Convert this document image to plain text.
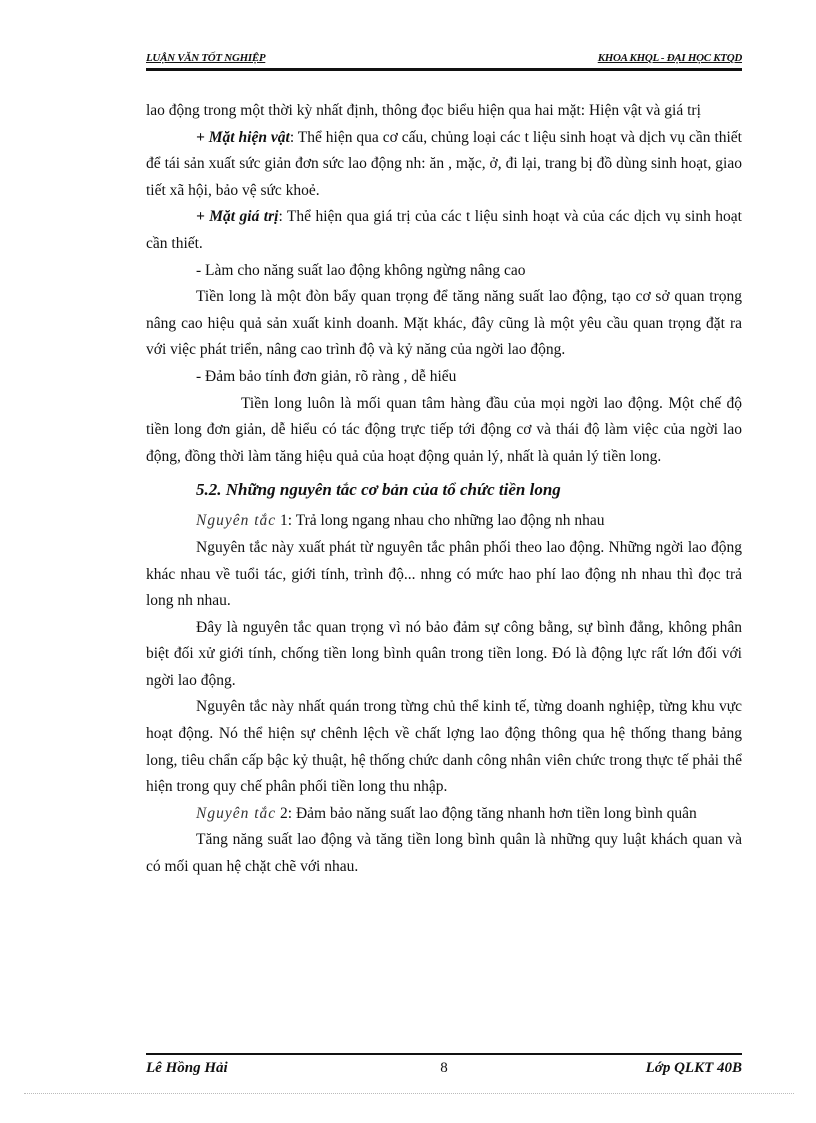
LUẬN VĂN TỐT NGHIỆP	KHOA KHQL - ĐẠI HỌC KTQD

lao động trong một thời kỳ nhất định, thông đọc biểu hiện qua hai mặt: Hiện vật và giá trị

+ Mặt hiện vật: Thể hiện qua cơ cấu, chủng loại các t liệu sinh hoạt và dịch vụ cần thiết để tái sản xuất sức giản đơn sức lao động nh: ăn , mặc, ở, đi lại, trang bị đồ dùng sinh hoạt, giao tiết xã hội, bảo vệ sức khoẻ.

+ Mặt giá trị: Thể hiện qua giá trị của các t liệu sinh hoạt và của các dịch vụ sinh hoạt cần thiết.

- Làm cho năng suất lao động không ngừng nâng cao

Tiền long là một đòn bẩy quan trọng để tăng năng suất lao động, tạo cơ sở quan trọng nâng cao hiệu quả sản xuất kinh doanh. Mặt khác, đây cũng là một yêu cầu quan trọng đặt ra với việc phát triển, nâng cao trình độ và kỷ năng của ngời lao động.

- Đảm bảo tính đơn giản, rõ ràng , dễ hiểu

Tiền long luôn là mối quan tâm hàng đầu của mọi ngời lao động. Một chế độ tiền long đơn giản, dễ hiểu có tác động trực tiếp tới động cơ và thái độ làm việc của ngời lao động, đồng thời làm tăng hiệu quả của hoạt động quản lý, nhất là quản lý tiền long.

5.2. Những nguyên tắc cơ bản của tổ chức tiền long

Nguyên tắc 1: Trả long ngang nhau cho những lao động nh nhau

Nguyên tắc này xuất phát từ nguyên tắc phân phối theo lao động. Những ngời lao động khác nhau về tuổi tác, giới tính, trình độ... nhng có mức hao phí lao động nh nhau thì đọc trả long nh nhau.

Đây là nguyên tắc quan trọng vì nó bảo đảm sự công bằng, sự bình đẳng, không phân biệt đối xử giới tính, chống tiền long bình quân trong tiền long. Đó là động lực rất lớn đối với ngời lao động.

Nguyên tắc này nhất quán trong từng chủ thể kinh tế, từng doanh nghiệp, từng khu vực hoạt động. Nó thể hiện sự chênh lệch về chất lợng lao động thông qua hệ thống thang bảng long, tiêu chẩn cấp bậc kỷ thuật, hệ thống chức danh công nhân viên chức trong thực tế phải thể hiện trong quy chế phân phối tiền long thu nhập.

Nguyên tắc 2: Đảm bảo năng suất lao động tăng nhanh hơn tiền long bình quân

Tăng năng suất lao động và tăng tiền long bình quân là những quy luật khách quan và có mối quan hệ chặt chẽ với nhau.

Lê Hồng Hải	8	Lớp QLKT 40B
